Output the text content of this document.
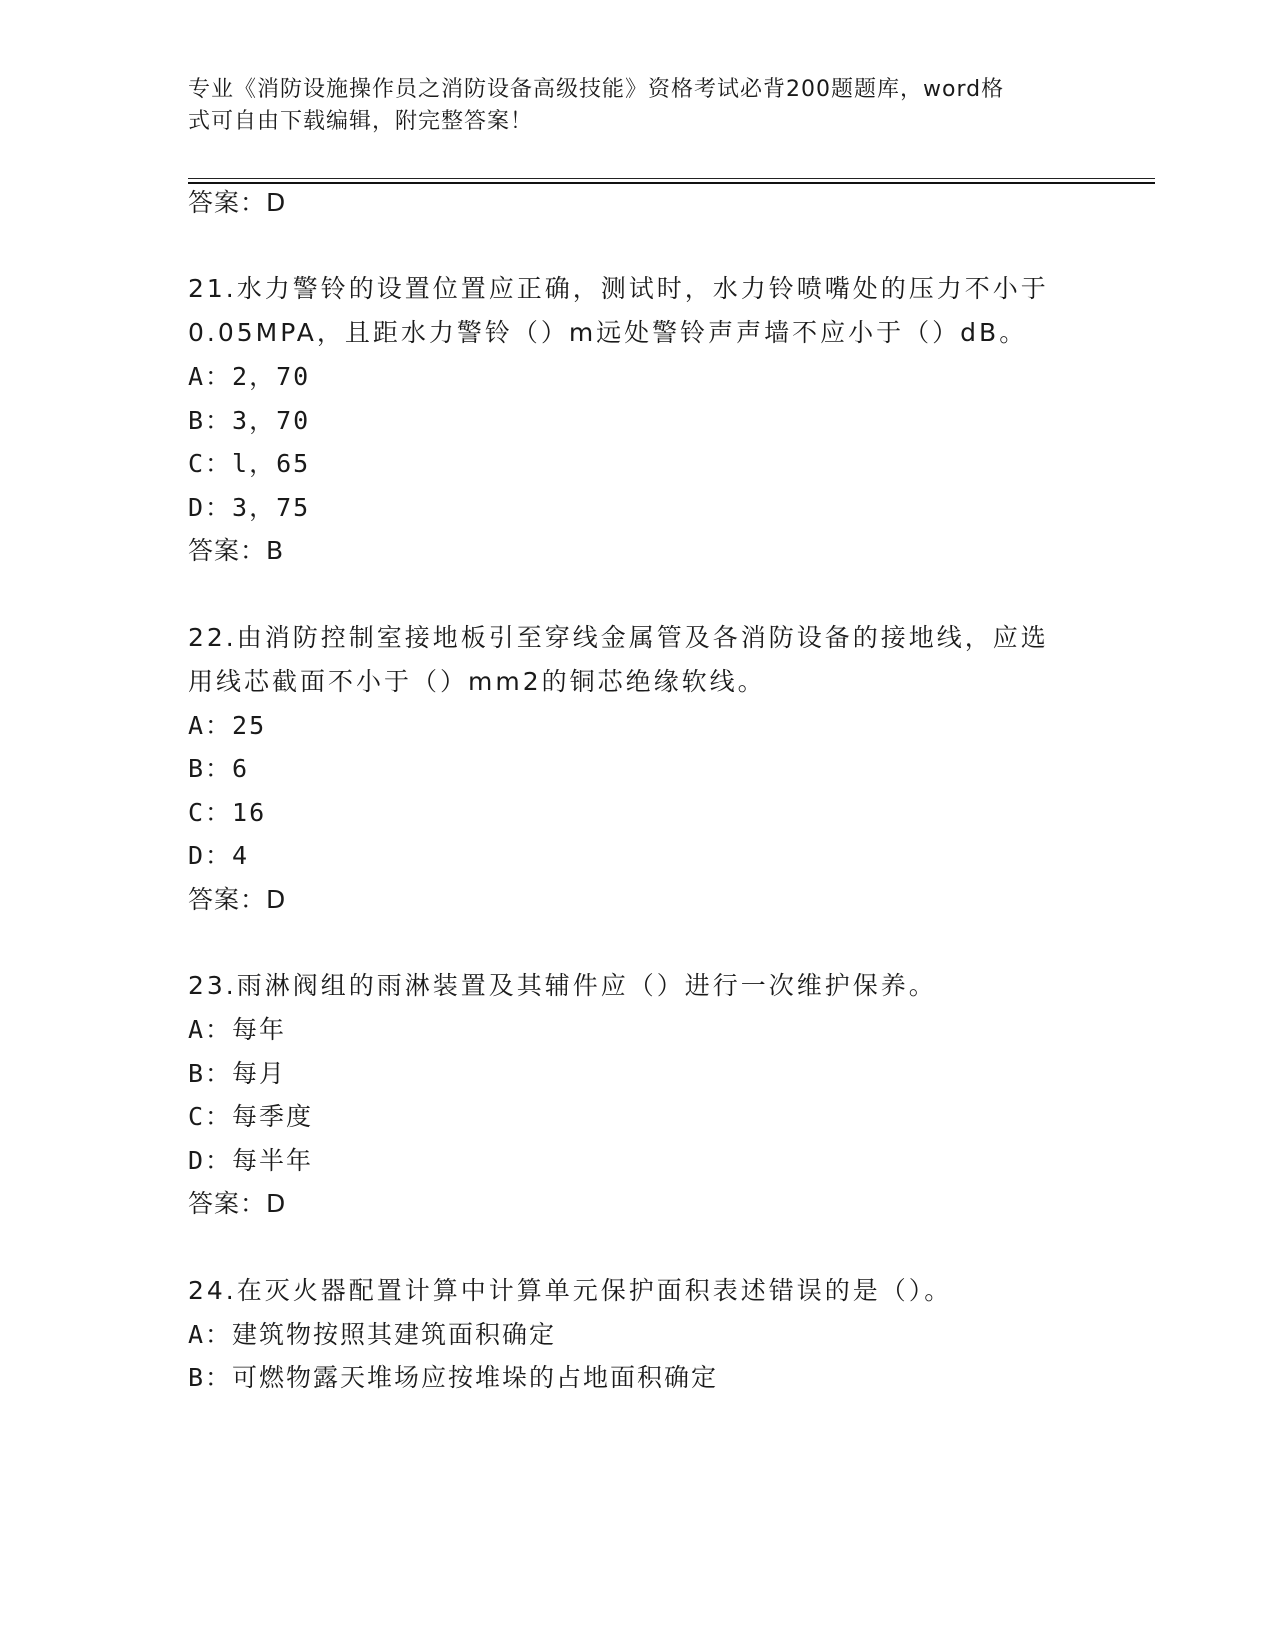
专业《消防设施操作员之消防设备高级技能》资格考试必背200题题库，word格
式可自由下载编辑，附完整答案！
答案：D
21.水力警铃的设置位置应正确，测试时，水力铃喷嘴处的压力不小于
0.05MPA，且距水力警铃（）m远处警铃声声墙不应小于（）dB。
A：2，70
B：3，70
C：l，65
D：3，75
答案：B
22.由消防控制室接地板引至穿线金属管及各消防设备的接地线，应选
用线芯截面不小于（）mm2的铜芯绝缘软线。
A：25
B：6
C：16
D：4
答案：D
23.雨淋阀组的雨淋装置及其辅件应（）进行一次维护保养。
A：每年
B：每月
C：每季度
D：每半年
答案：D
24.在灭火器配置计算中计算单元保护面积表述错误的是（）。
A：建筑物按照其建筑面积确定
B：可燃物露天堆场应按堆垛的占地面积确定
